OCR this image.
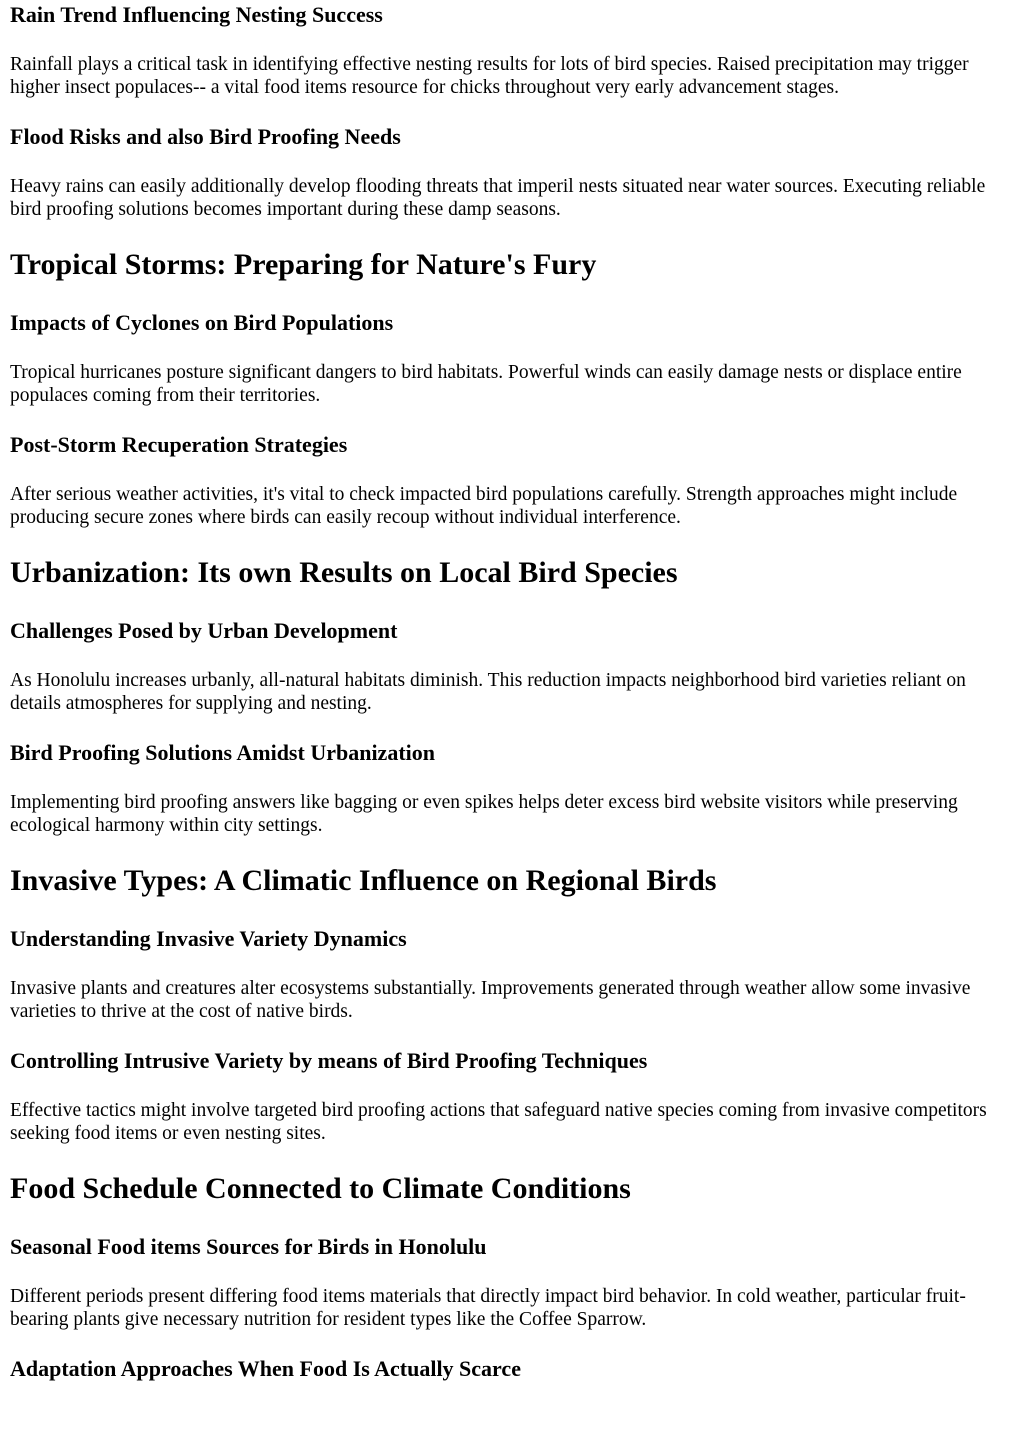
Rain Trend Influencing Nesting Success

Rainfall plays a critical task in identifying effective nesting results for lots of bird species. Raised precipitation may trigger higher insect populaces-- a vital food items resource for chicks throughout very early advancement stages.

Flood Risks and also Bird Proofing Needs

Heavy rains can easily additionally develop flooding threats that imperil nests situated near water sources. Executing reliable bird proofing solutions becomes important during these damp seasons.

Tropical Storms: Preparing for Nature's Fury
Impacts of Cyclones on Bird Populations

Tropical hurricanes posture significant dangers to bird habitats. Powerful winds can easily damage nests or displace entire populaces coming from their territories.

Post-Storm Recuperation Strategies

After serious weather activities, it's vital to check impacted bird populations carefully. Strength approaches might include producing secure zones where birds can easily recoup without individual interference.

Urbanization: Its own Results on Local Bird Species
Challenges Posed by Urban Development

As Honolulu increases urbanly, all-natural habitats diminish. This reduction impacts neighborhood bird varieties reliant on details atmospheres for supplying and nesting.

Bird Proofing Solutions Amidst Urbanization

Implementing bird proofing answers like bagging or even spikes helps deter excess bird website visitors while preserving ecological harmony within city settings.

Invasive Types: A Climatic Influence on Regional Birds
Understanding Invasive Variety Dynamics

Invasive plants and creatures alter ecosystems substantially. Improvements generated through weather allow some invasive varieties to thrive at the cost of native birds.

Controlling Intrusive Variety by means of Bird Proofing Techniques

Effective tactics might involve targeted bird proofing actions that safeguard native species coming from invasive competitors seeking food items or even nesting sites.

Food Schedule Connected to Climate Conditions
Seasonal Food items Sources for Birds in Honolulu

Different periods present differing food items materials that directly impact bird behavior. In cold weather, particular fruit-bearing plants give necessary nutrition for resident types like the Coffee Sparrow.

Adaptation Approaches When Food Is Actually Scarce
